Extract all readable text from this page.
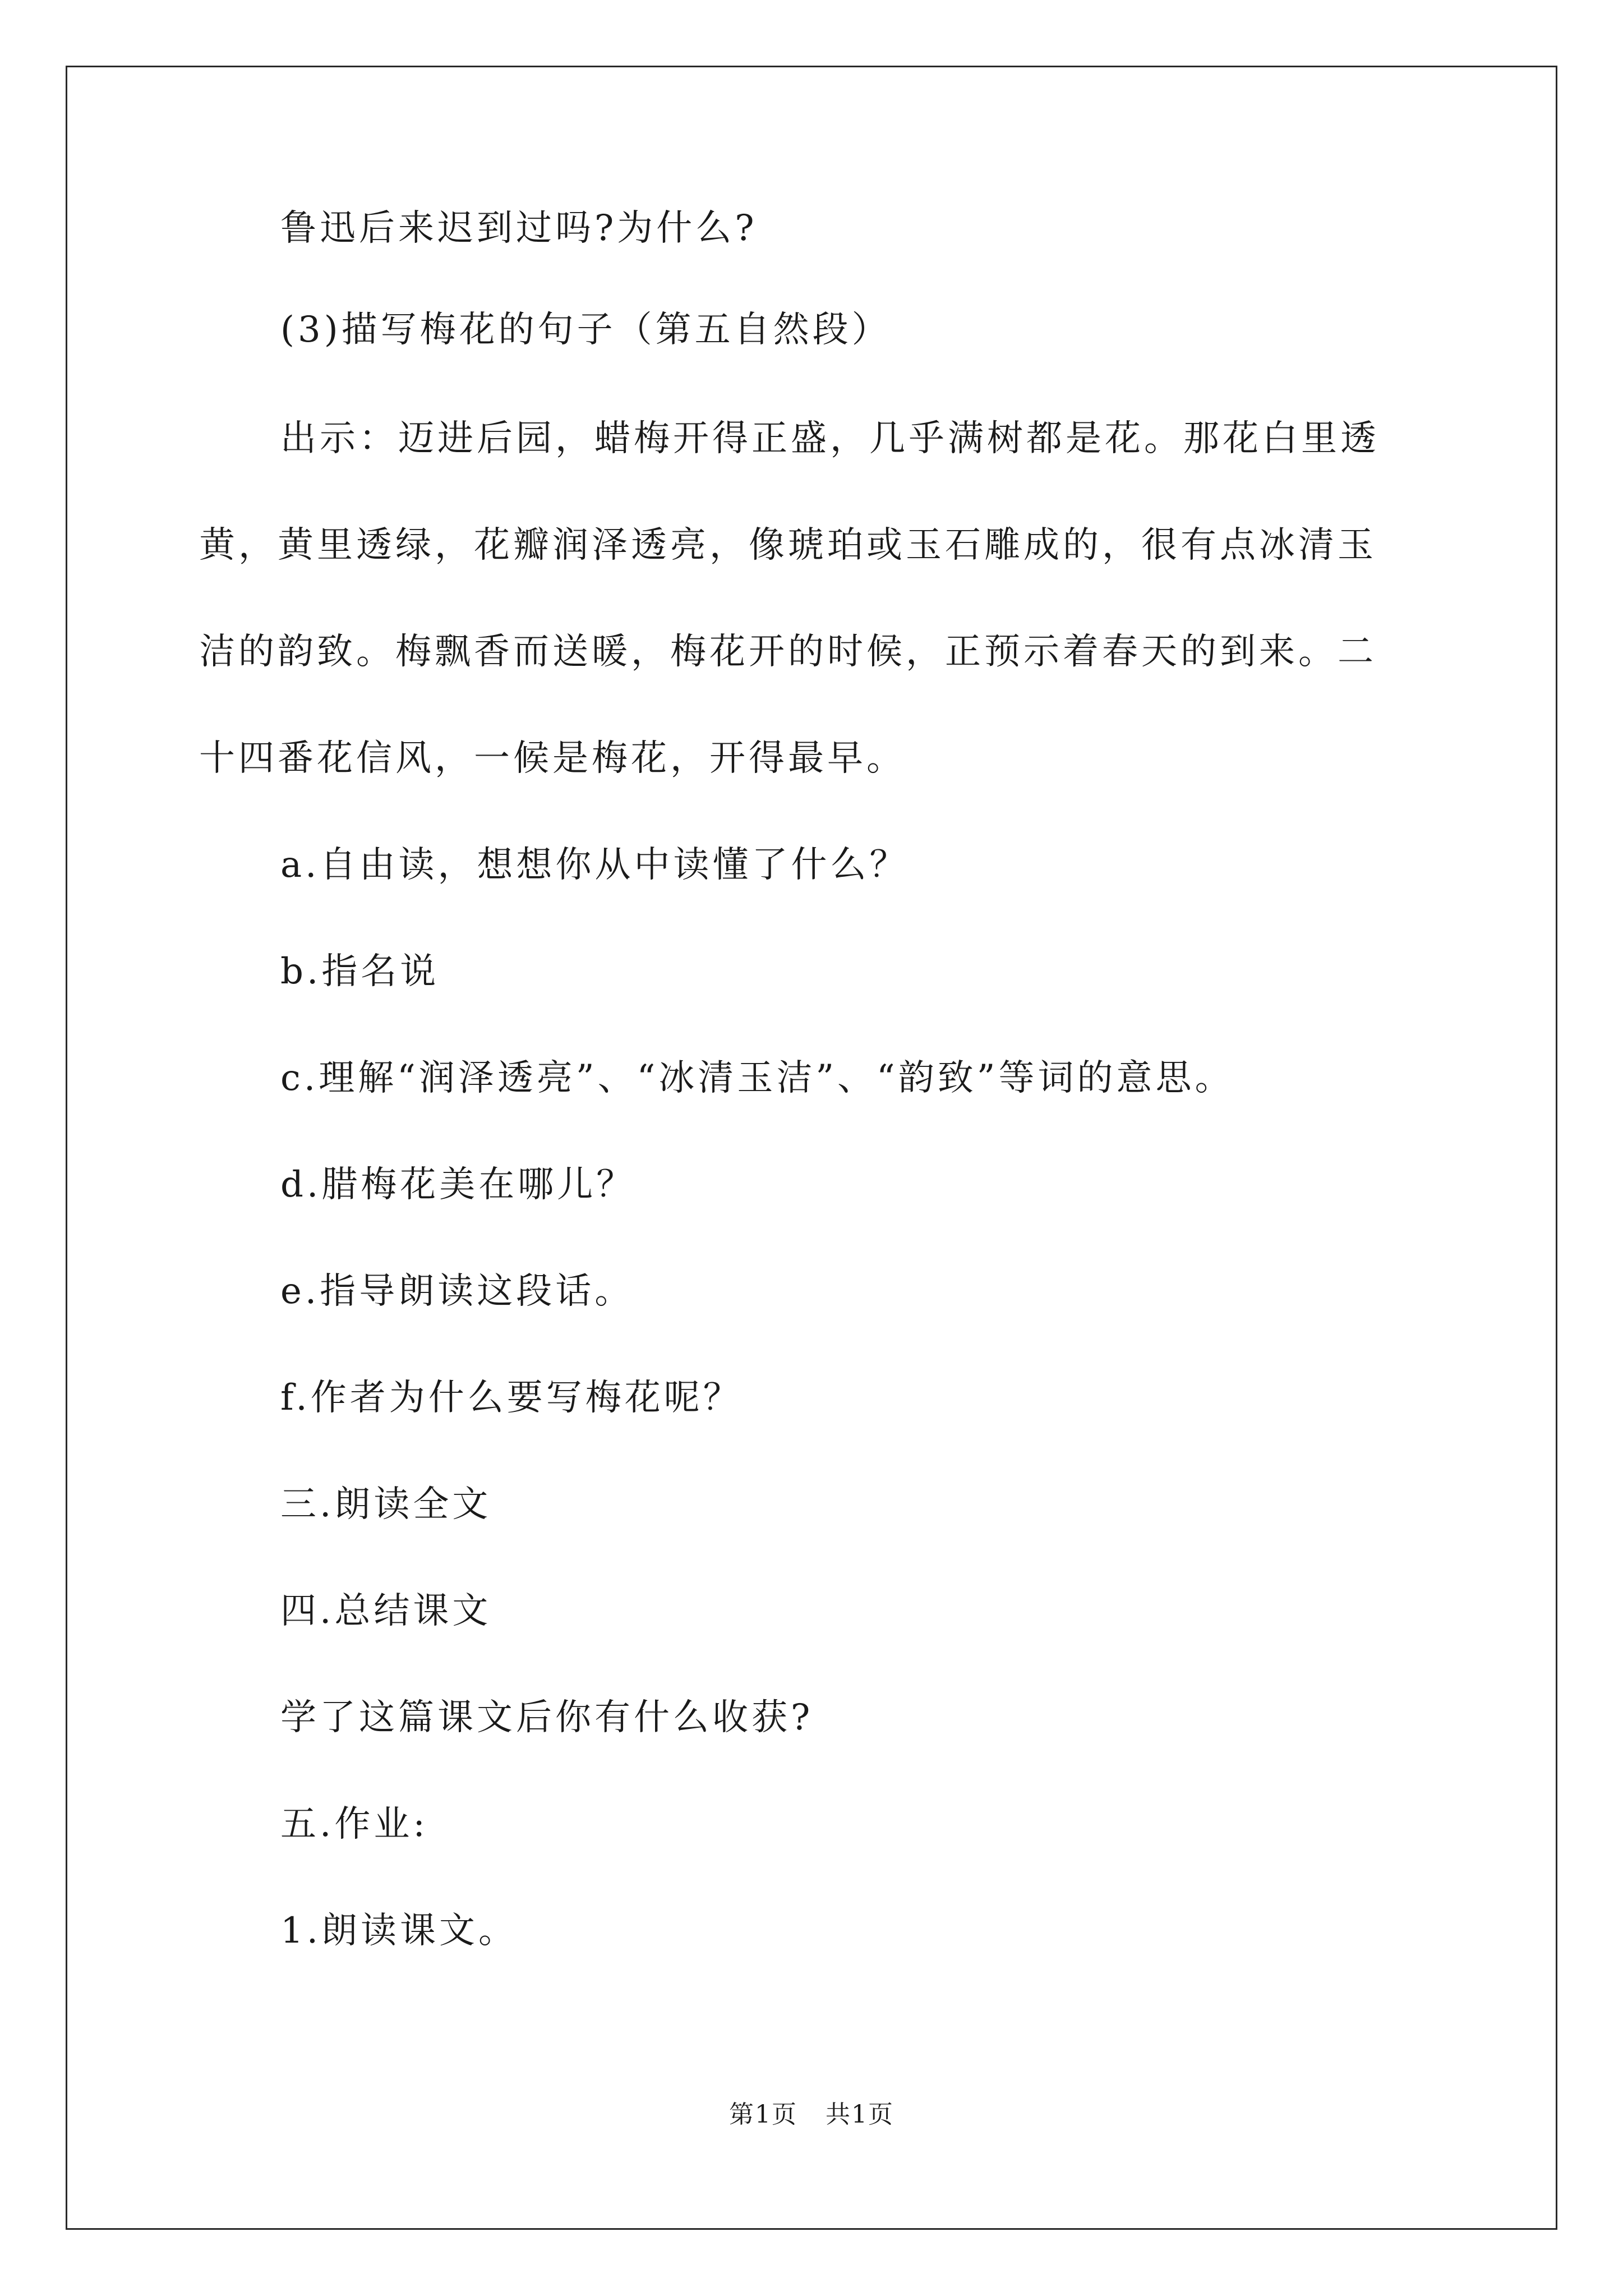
鲁迅后来迟到过吗?为什么?
(3)描写梅花的句子（第五自然段）
出示：迈进后园，蜡梅开得正盛，几乎满树都是花。那花白里透
黄，黄里透绿，花瓣润泽透亮，像琥珀或玉石雕成的，很有点冰清玉
洁的韵致。梅飘香而送暖，梅花开的时候，正预示着春天的到来。二
十四番花信风，一候是梅花，开得最早。
a.自由读，想想你从中读懂了什么？
b.指名说
c.理解“润泽透亮”、“冰清玉洁”、“韵致”等词的意思。
d.腊梅花美在哪儿？
e.指导朗读这段话。
f.作者为什么要写梅花呢？
三.朗读全文
四.总结课文
学了这篇课文后你有什么收获?
五.作业:
1.朗读课文。
第1页 共1页
